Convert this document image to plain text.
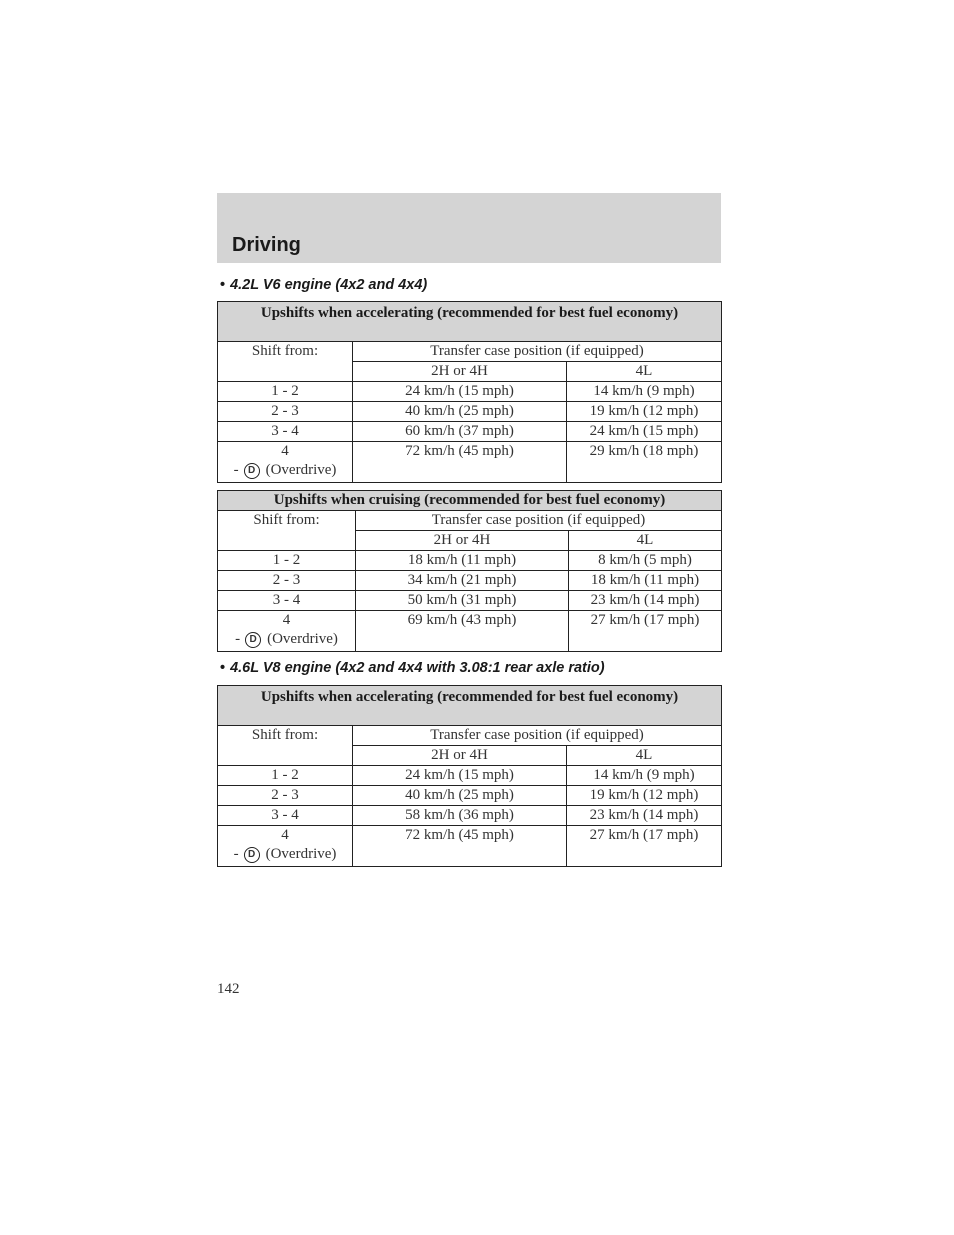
Driving
• 4.2L V6 engine (4x2 and 4x4)
Upshifts when accelerating (recommended for best fuel economy)		
Shift from:	Transfer case position (if equipped)	
	2H or 4H	4L
1 - 2	24 km/h (15 mph)	14 km/h (9 mph)
2 - 3	40 km/h (25 mph)	19 km/h (12 mph)
3 - 4	60 km/h (37 mph)	24 km/h (15 mph)

4
- D (Overdrive)	72 km/h (45 mph)	29 km/h (18 mph)
Upshifts when cruising (recommended for best fuel economy)		
Shift from:	Transfer case position (if equipped)	
	2H or 4H	4L
1 - 2	18 km/h (11 mph)	8 km/h (5 mph)
2 - 3	34 km/h (21 mph)	18 km/h (11 mph)
3 - 4	50 km/h (31 mph)	23 km/h (14 mph)

4
- D (Overdrive)	69 km/h (43 mph)	27 km/h (17 mph)
• 4.6L V8 engine (4x2 and 4x4 with 3.08:1 rear axle ratio)
Upshifts when accelerating (recommended for best fuel economy)		
Shift from:	Transfer case position (if equipped)	
	2H or 4H	4L
1 - 2	24 km/h (15 mph)	14 km/h (9 mph)
2 - 3	40 km/h (25 mph)	19 km/h (12 mph)
3 - 4	58 km/h (36 mph)	23 km/h (14 mph)

4
- D (Overdrive)	72 km/h (45 mph)	27 km/h (17 mph)
142
